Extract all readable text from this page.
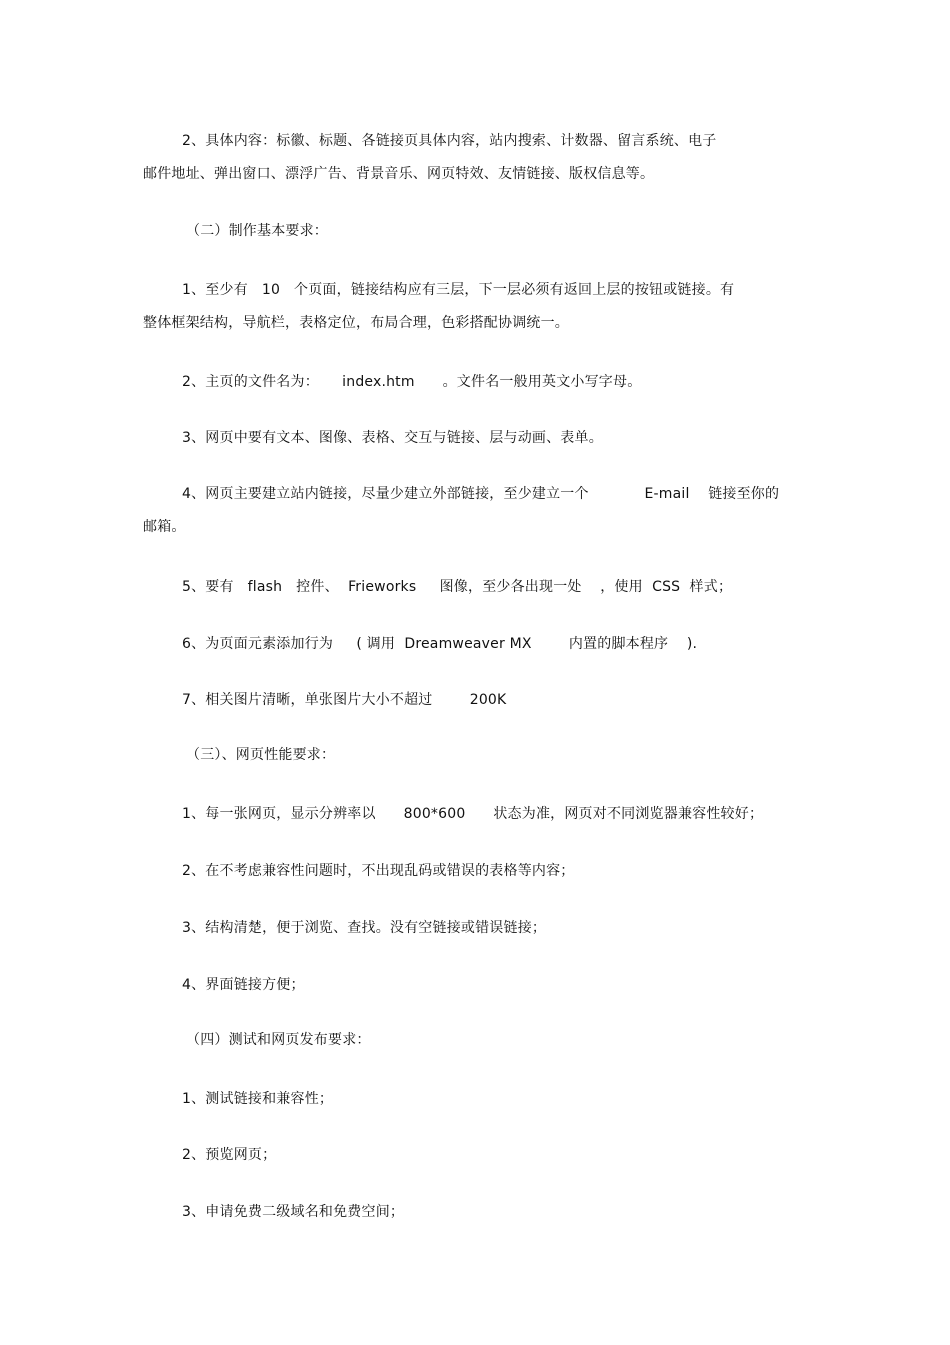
2、具体内容：标徽、标题、各链接页具体内容，站内搜索、计数器、留言系统、电子
邮件地址、弹出窗口、漂浮广告、背景音乐、网页特效、友情链接、版权信息等。
（二）制作基本要求：
1、至少有   10   个页面，链接结构应有三层，下一层必须有返回上层的按钮或链接。有
整体框架结构，导航栏，表格定位，布局合理，色彩搭配协调统一。
2、主页的文件名为：     index.htm      。文件名一般用英文小写字母。
3、网页中要有文本、图像、表格、交互与链接、层与动画、表单。
4、网页主要建立站内链接，尽量少建立外部链接，至少建立一个            E-mail    链接至你的
邮箱。
5、要有   flash   控件、  Frieworks     图像，至少各出现一处    ，使用  CSS  样式；
6、为页面元素添加行为     ( 调用  Dreamweaver MX        内置的脚本程序    ).
7、相关图片清晰，单张图片大小不超过        200K
（三）、网页性能要求：
1、每一张网页，显示分辨率以      800*600      状态为准，网页对不同浏览器兼容性较好；
2、在不考虑兼容性问题时，不出现乱码或错误的表格等内容；
3、结构清楚，便于浏览、查找。没有空链接或错误链接；
4、界面链接方便；
（四）测试和网页发布要求：
1、测试链接和兼容性；
2、预览网页；
3、申请免费二级域名和免费空间；
